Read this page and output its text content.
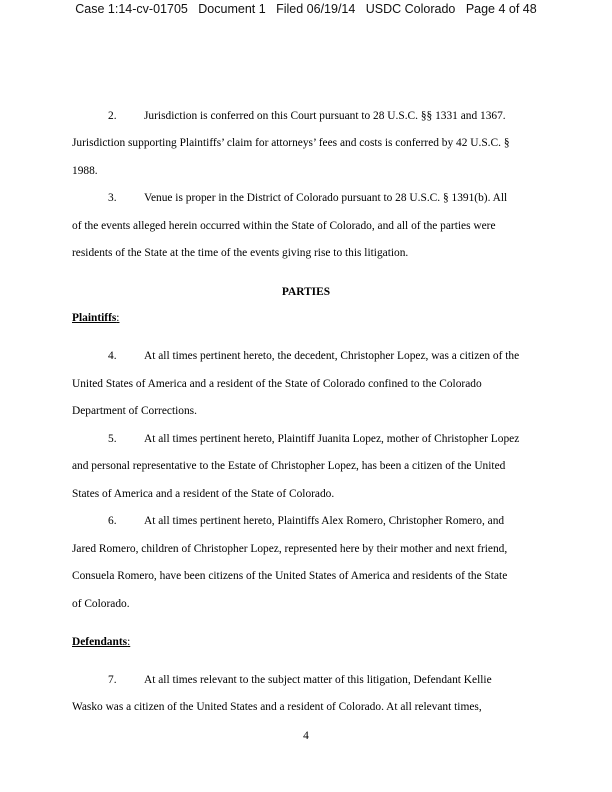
Case 1:14-cv-01705 Document 1 Filed 06/19/14 USDC Colorado Page 4 of 48
2. Jurisdiction is conferred on this Court pursuant to 28 U.S.C. §§ 1331 and 1367.
Jurisdiction supporting Plaintiffs’ claim for attorneys’ fees and costs is conferred by 42 U.S.C. §
1988.
3. Venue is proper in the District of Colorado pursuant to 28 U.S.C. § 1391(b). All
of the events alleged herein occurred within the State of Colorado, and all of the parties were
residents of the State at the time of the events giving rise to this litigation.
PARTIES
Plaintiffs:
4. At all times pertinent hereto, the decedent, Christopher Lopez, was a citizen of the
United States of America and a resident of the State of Colorado confined to the Colorado
Department of Corrections.
5. At all times pertinent hereto, Plaintiff Juanita Lopez, mother of Christopher Lopez
and personal representative to the Estate of Christopher Lopez, has been a citizen of the United
States of America and a resident of the State of Colorado.
6. At all times pertinent hereto, Plaintiffs Alex Romero, Christopher Romero, and
Jared Romero, children of Christopher Lopez, represented here by their mother and next friend,
Consuela Romero, have been citizens of the United States of America and residents of the State
of Colorado.
Defendants:
7. At all times relevant to the subject matter of this litigation, Defendant Kellie
Wasko was a citizen of the United States and a resident of Colorado. At all relevant times,
4
